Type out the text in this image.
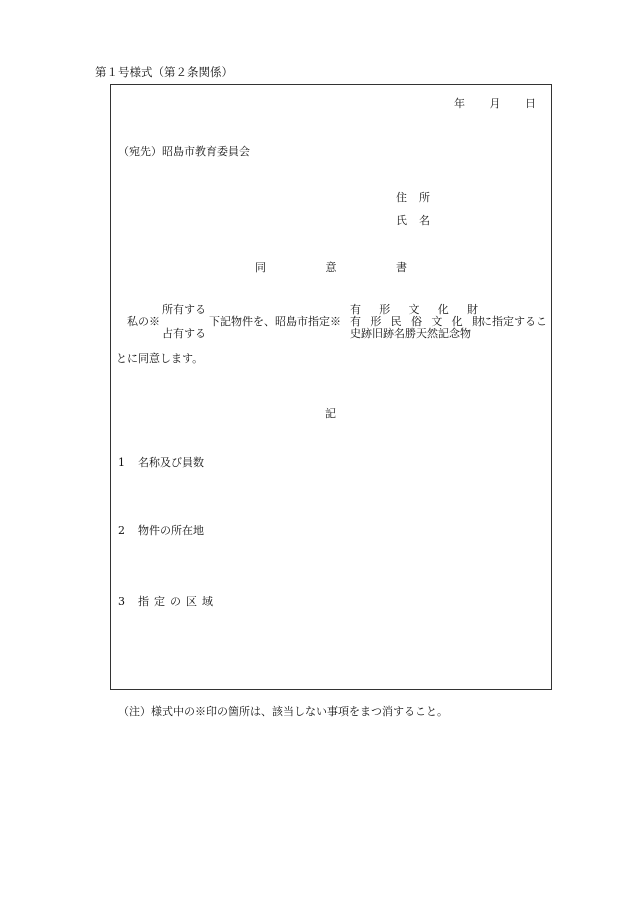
第１号様式（第２条関係）
年 月 日
（宛先）昭島市教育委員会
住 所
氏 名
同	意	書
私の※
所有する
占有する
下記物件を、昭島市指定※
有 形 文 化 財
有 形 民 俗 文 化 財
史跡旧跡名勝天然記念物
に指定するこ
とに同意します。
記
1 名称及び員数
2 物件の所在地
3 指定の区域
（注）様式中の※印の箇所は、該当しない事項をまつ消すること。
